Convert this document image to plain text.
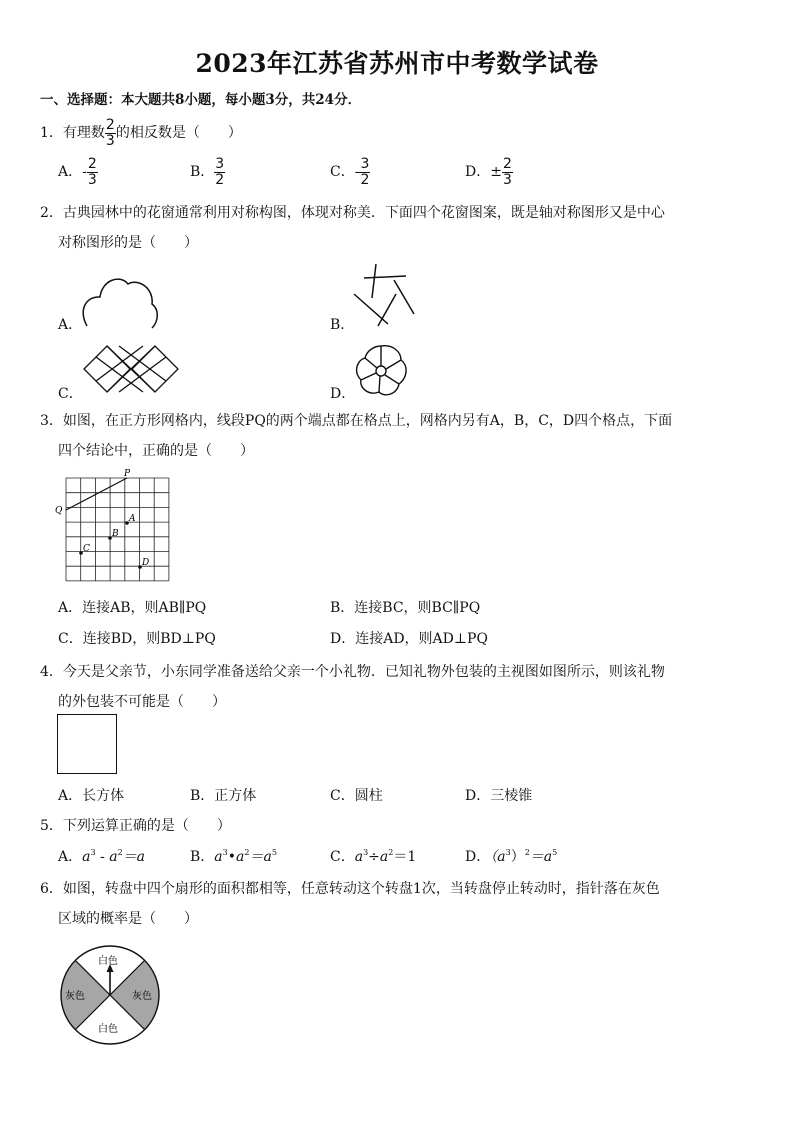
2023年江苏省苏州市中考数学试卷
一、选择题：本大题共8小题，每小题3分，共24分．
1．有理数 $\frac{2}{3}$ 的相反数是（　　）
A．- $\frac{2}{3}$	B． $\frac{3}{2}$	C．- $\frac{3}{2}$	D．± $\frac{2}{3}$
2．古典园林中的花窗通常利用对称构图，体现对称美．下面四个花窗图案，既是轴对称图形又是中心
对称图形的是（　　）
A．	B．
C．	D．
3．如图，在正方形网格内，线段PQ的两个端点都在格点上，网格内另有A，B，C，D四个格点，下面
四个结论中，正确的是（　　）
P
Q
A
B
C
D
A．连接AB，则AB∥PQ	B．连接BC，则BC∥PQ
C．连接BD，则BD⊥PQ	D．连接AD，则AD⊥PQ
4．今天是父亲节，小东同学准备送给父亲一个小礼物．已知礼物外包装的主视图如图所示，则该礼物
的外包装不可能是（　　）
A．长方体	B．正方体	C．圆柱	D．三棱锥
5．下列运算正确的是（　　）
A．$a^3 - a^2=a$	B．$a^3•a^2=a^5$	C．$a^3\div a^2=1$	D．$(a^3)^2=a^5$
6．如图，转盘中四个扇形的面积都相等，任意转动这个转盘1次，当转盘停止转动时，指针落在灰色
区域的概率是（　　）
白色
灰色	灰色
白色
